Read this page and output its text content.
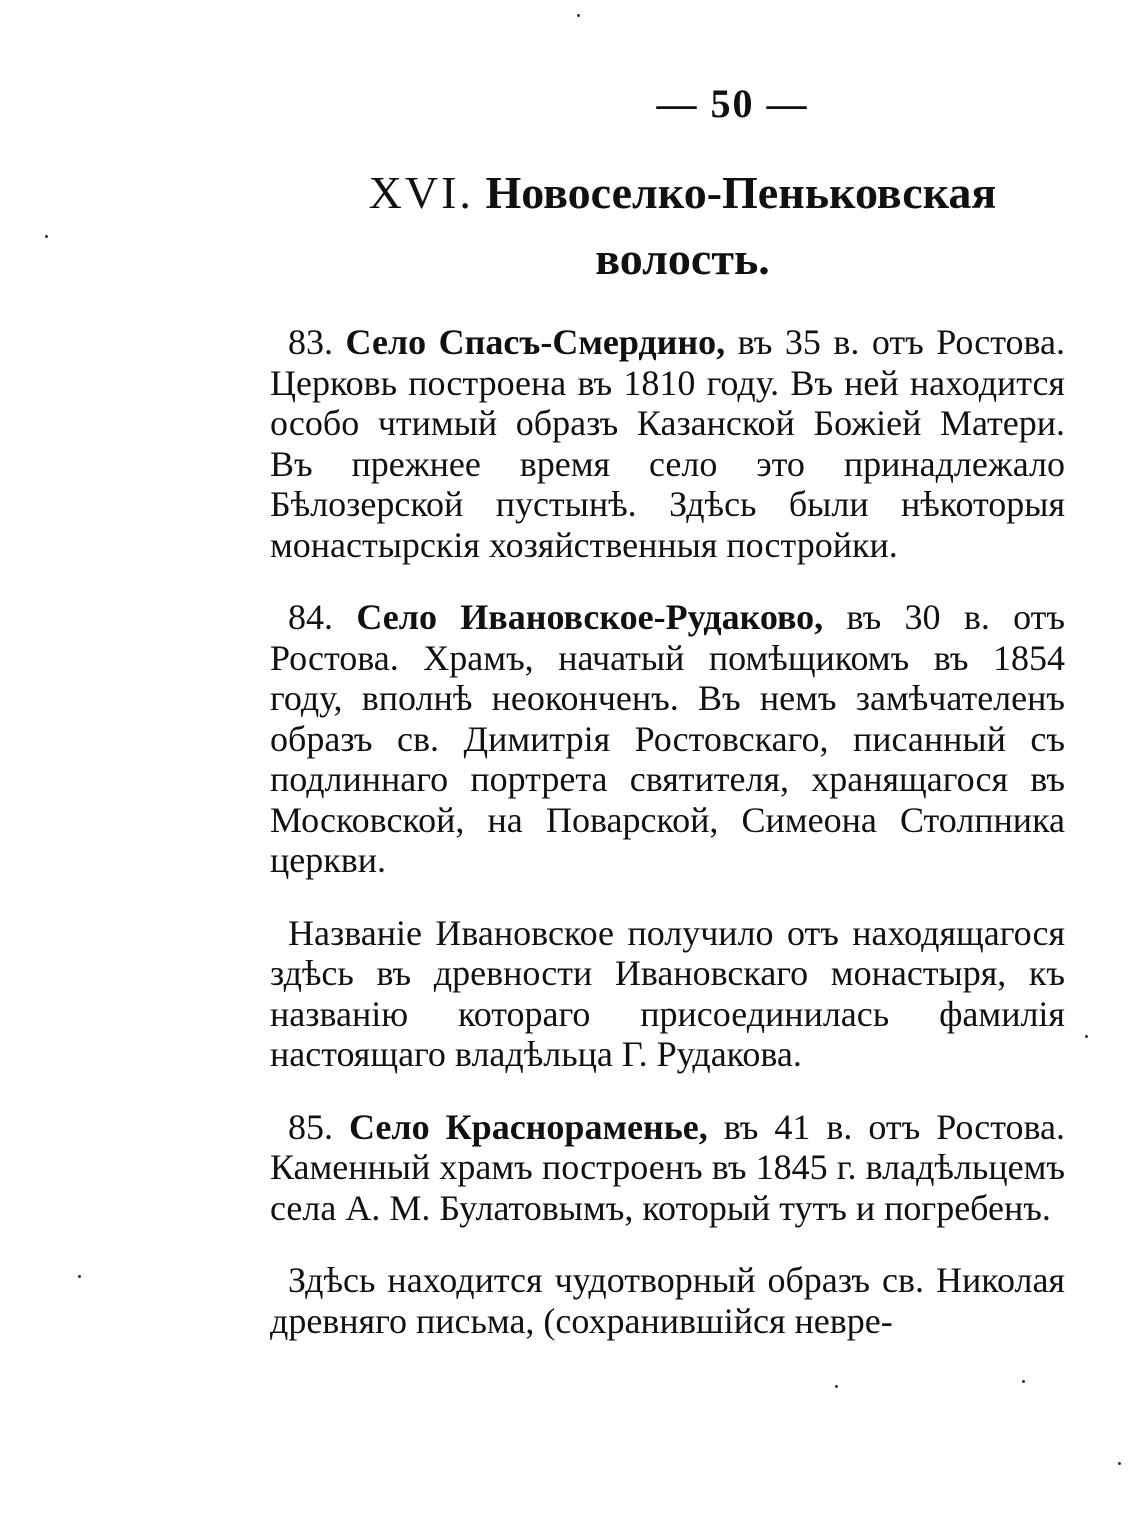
— 50 —
XVI. Новоселко-Пеньковская волость.

83. Село Спасъ-Смердино, въ 35 в. отъ Ростова. Церковь построена въ 1810 году. Въ ней находится особо чтимый образъ Казанской Божіей Матери. Въ прежнее время село это принадлежало Бѣлозерской пустынѣ. Здѣсь были нѣкоторыя монастырскія хозяйственныя постройки.

84. Село Ивановское-Рудаково, въ 30 в. отъ Ростова. Храмъ, начатый помѣщикомъ въ 1854 году, вполнѣ неоконченъ. Въ немъ замѣчателенъ образъ св. Димитрія Ростовскаго, писанный съ подлиннаго портрета святителя, хранящагося въ Московской, на Поварской, Симеона Столпника церкви.

Названіе Ивановское получило отъ находящагося здѣсь въ древности Ивановскаго монастыря, къ названію котораго присоединилась фамилія настоящаго владѣльца Г. Рудакова.

85. Село Краснораменье, въ 41 в. отъ Ростова. Каменный храмъ построенъ въ 1845 г. владѣльцемъ села А. М. Булатовымъ, который тутъ и погребенъ.

Здѣсь находится чудотворный образъ св. Николая древняго письма, (сохранившійся невре-
